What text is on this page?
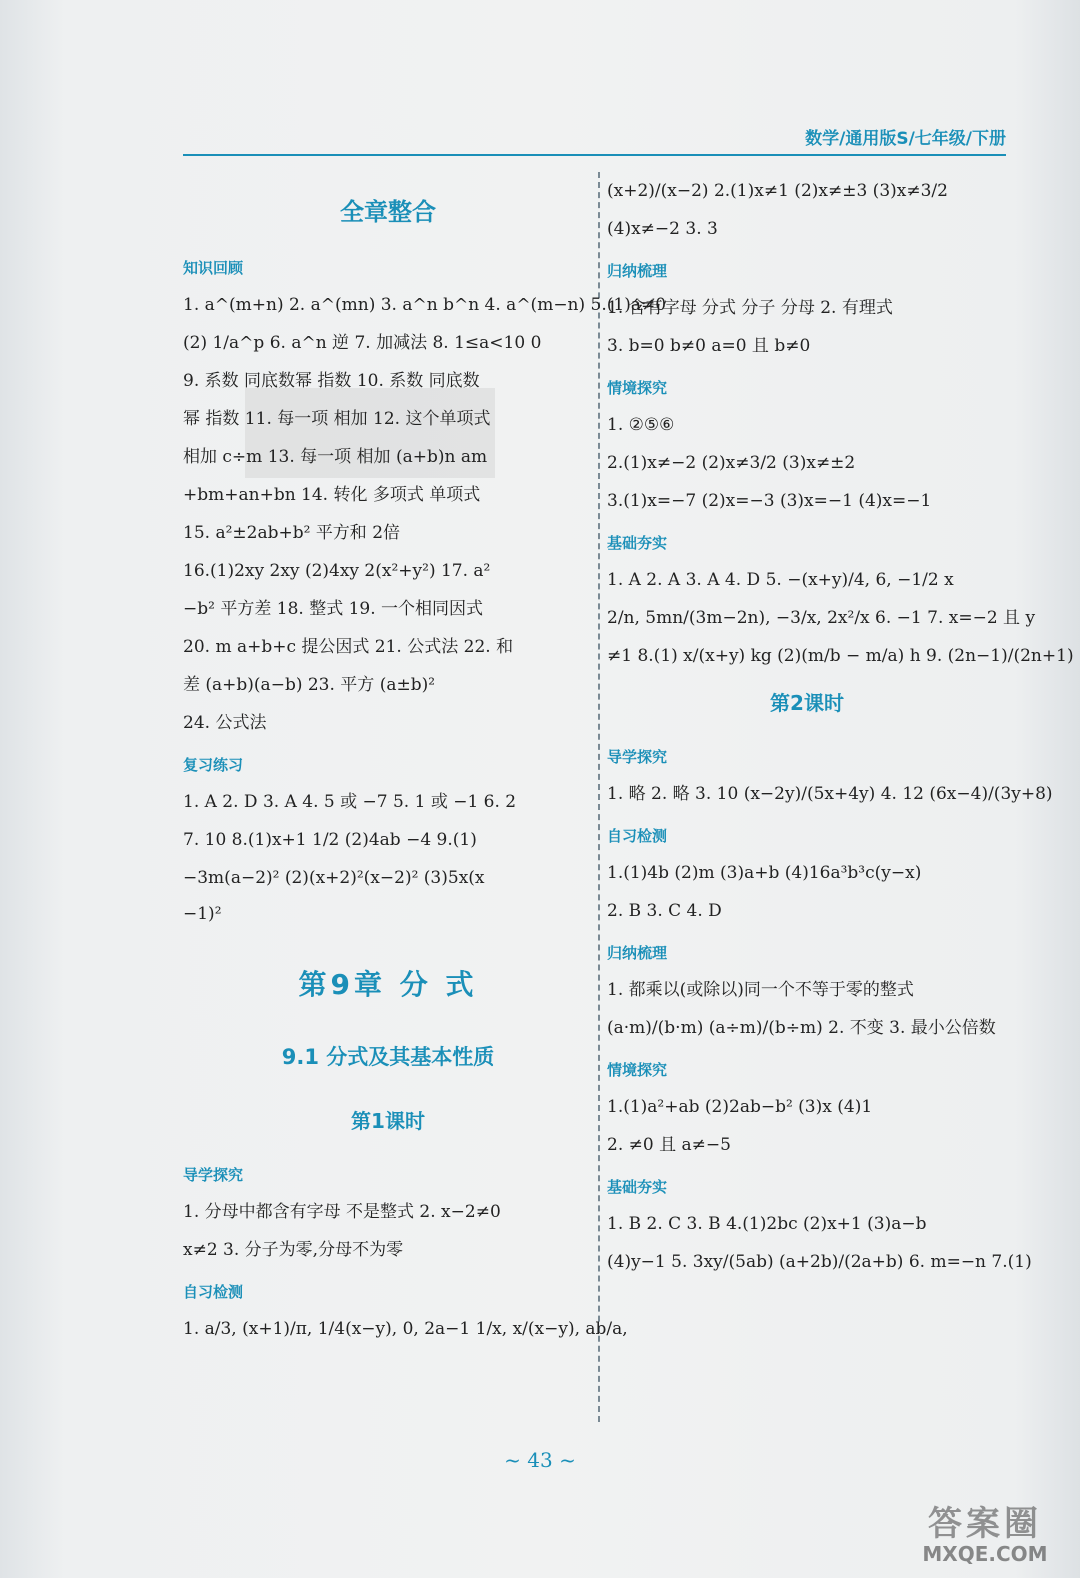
数学/通用版S/七年级/下册
全章整合
知识回顾
1. a^(m+n) 2. a^(mn) 3. a^n b^n 4. a^(m−n) 5.(1)a≠0
(2) 1/a^p 6. a^n 逆 7. 加减法 8. 1≤a<10 0
9. 系数 同底数幂 指数 10. 系数 同底数
幂 指数 11. 每一项 相加 12. 这个单项式
相加 c÷m 13. 每一项 相加 (a+b)n am
+bm+an+bn 14. 转化 多项式 单项式
15. a²±2ab+b² 平方和 2倍
16.(1)2xy 2xy (2)4xy 2(x²+y²) 17. a²
−b² 平方差 18. 整式 19. 一个相同因式
20. m a+b+c 提公因式 21. 公式法 22. 和
差 (a+b)(a−b) 23. 平方 (a±b)²
24. 公式法
复习练习
1. A 2. D 3. A 4. 5 或 −7 5. 1 或 −1 6. 2
7. 10 8.(1)x+1 1/2 (2)4ab −4 9.(1)
−3m(a−2)² (2)(x+2)²(x−2)² (3)5x(x
−1)²
第9章 分 式
9.1 分式及其基本性质
第1课时
导学探究
1. 分母中都含有字母 不是整式 2. x−2≠0
x≠2 3. 分子为零,分母不为零
自习检测
1. a/3, (x+1)/π, 1/4(x−y), 0, 2a−1 1/x, x/(x−y), ab/a,
(x+2)/(x−2) 2.(1)x≠1 (2)x≠±3 (3)x≠3/2
(4)x≠−2 3. 3
归纳梳理
1. 含有字母 分式 分子 分母 2. 有理式
3. b=0 b≠0 a=0 且 b≠0
情境探究
1. ②⑤⑥
2.(1)x≠−2 (2)x≠3/2 (3)x≠±2
3.(1)x=−7 (2)x=−3 (3)x=−1 (4)x=−1
基础夯实
1. A 2. A 3. A 4. D 5. −(x+y)/4, 6, −1/2 x
2/n, 5mn/(3m−2n), −3/x, 2x²/x 6. −1 7. x=−2 且 y
≠1 8.(1) x/(x+y) kg (2)(m/b − m/a) h 9. (2n−1)/(2n+1)
第2课时
导学探究
1. 略 2. 略 3. 10 (x−2y)/(5x+4y) 4. 12 (6x−4)/(3y+8)
自习检测
1.(1)4b (2)m (3)a+b (4)16a³b³c(y−x)
2. B 3. C 4. D
归纳梳理
1. 都乘以(或除以)同一个不等于零的整式
(a·m)/(b·m) (a÷m)/(b÷m) 2. 不变 3. 最小公倍数
情境探究
1.(1)a²+ab (2)2ab−b² (3)x (4)1
2. ≠0 且 a≠−5
基础夯实
1. B 2. C 3. B 4.(1)2bc (2)x+1 (3)a−b
(4)y−1 5. 3xy/(5ab) (a+2b)/(2a+b) 6. m=−n 7.(1)
~ 43 ~
答案圈
MXQE.COM
